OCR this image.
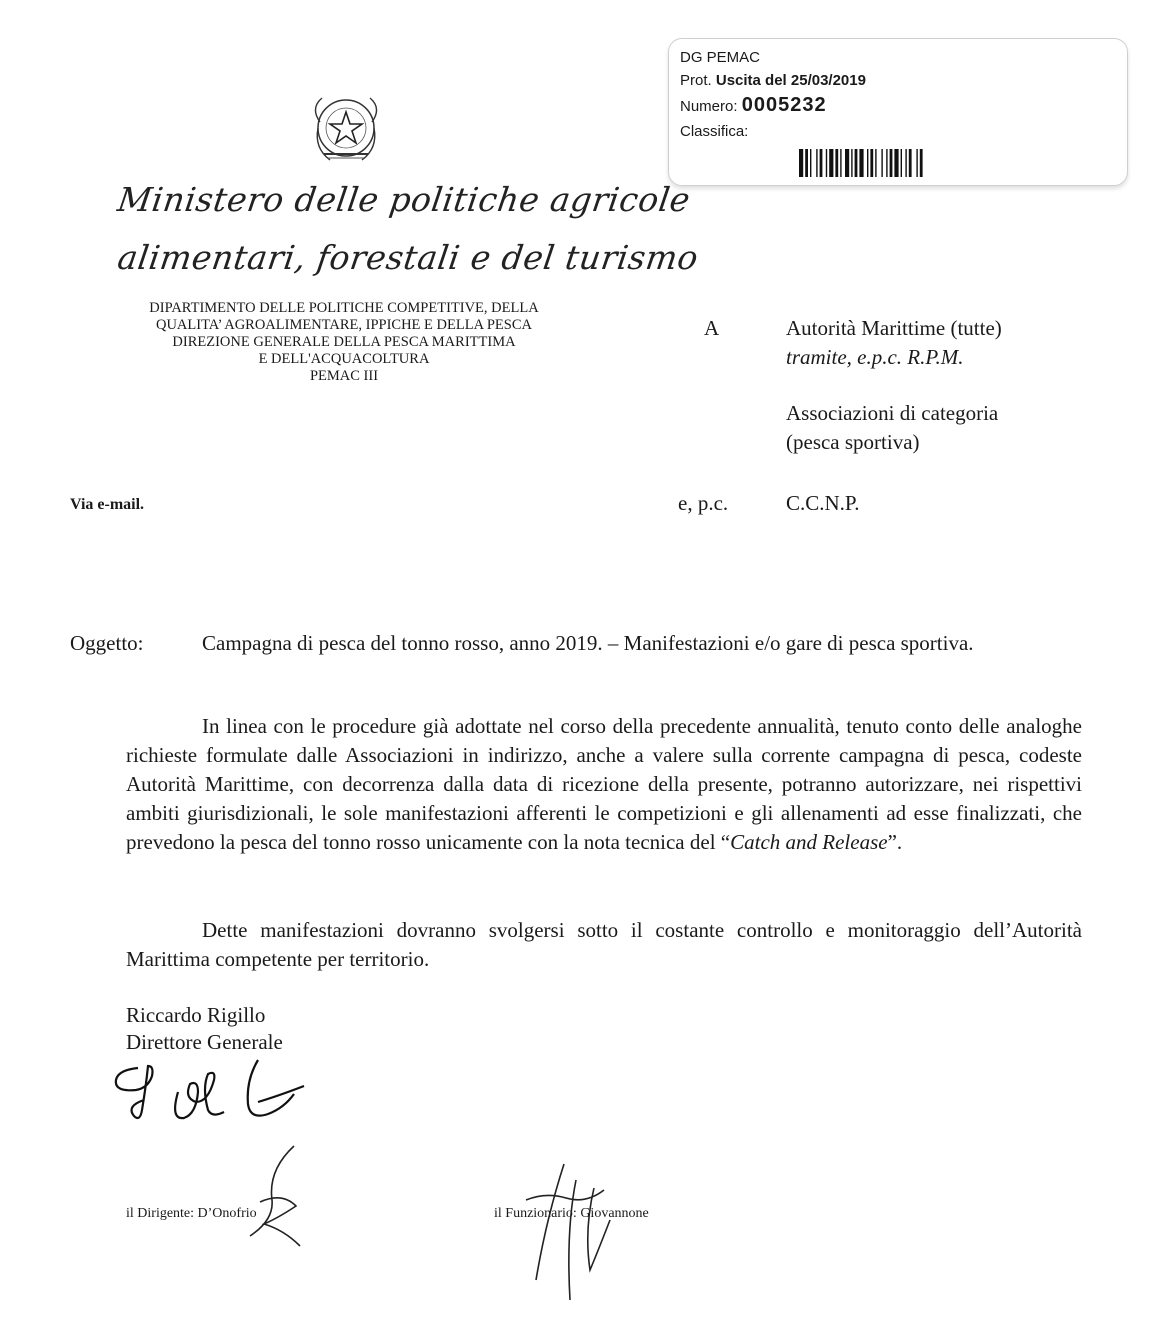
DG PEMAC
Prot. Uscita del 25/03/2019
Numero: 0005232
Classifica:
Ministero delle politiche agricole
alimentari, forestali e del turismo
DIPARTIMENTO DELLE POLITICHE COMPETITIVE, DELLA
QUALITA’ AGROALIMENTARE, IPPICHE E DELLA PESCA
DIREZIONE GENERALE DELLA PESCA MARITTIMA
E DELL'ACQUACOLTURA
PEMAC III
A	Autorità Marittime (tutte)
tramite, e.p.c. R.P.M.
Associazioni di categoria
(pesca sportiva)
e, p.c.	C.C.N.P.
Via e-mail.
Oggetto:	Campagna di pesca del tonno rosso, anno 2019. – Manifestazioni e/o gare di pesca sportiva.
In linea con le procedure già adottate nel corso della precedente annualità, tenuto conto delle analoghe richieste formulate dalle Associazioni in indirizzo, anche a valere sulla corrente campagna di pesca, codeste Autorità Marittime, con decorrenza dalla data di ricezione della presente, potranno autorizzare, nei rispettivi ambiti giurisdizionali, le sole manifestazioni afferenti le competizioni e gli allenamenti ad esse finalizzati, che prevedono la pesca del tonno rosso unicamente con la nota tecnica del “Catch and Release”.
Dette manifestazioni dovranno svolgersi sotto il costante controllo e monitoraggio dell’Autorità Marittima competente per territorio.
Riccardo Rigillo
Direttore Generale
il Dirigente: D’Onofrio	il Funzionario: Giovannone
